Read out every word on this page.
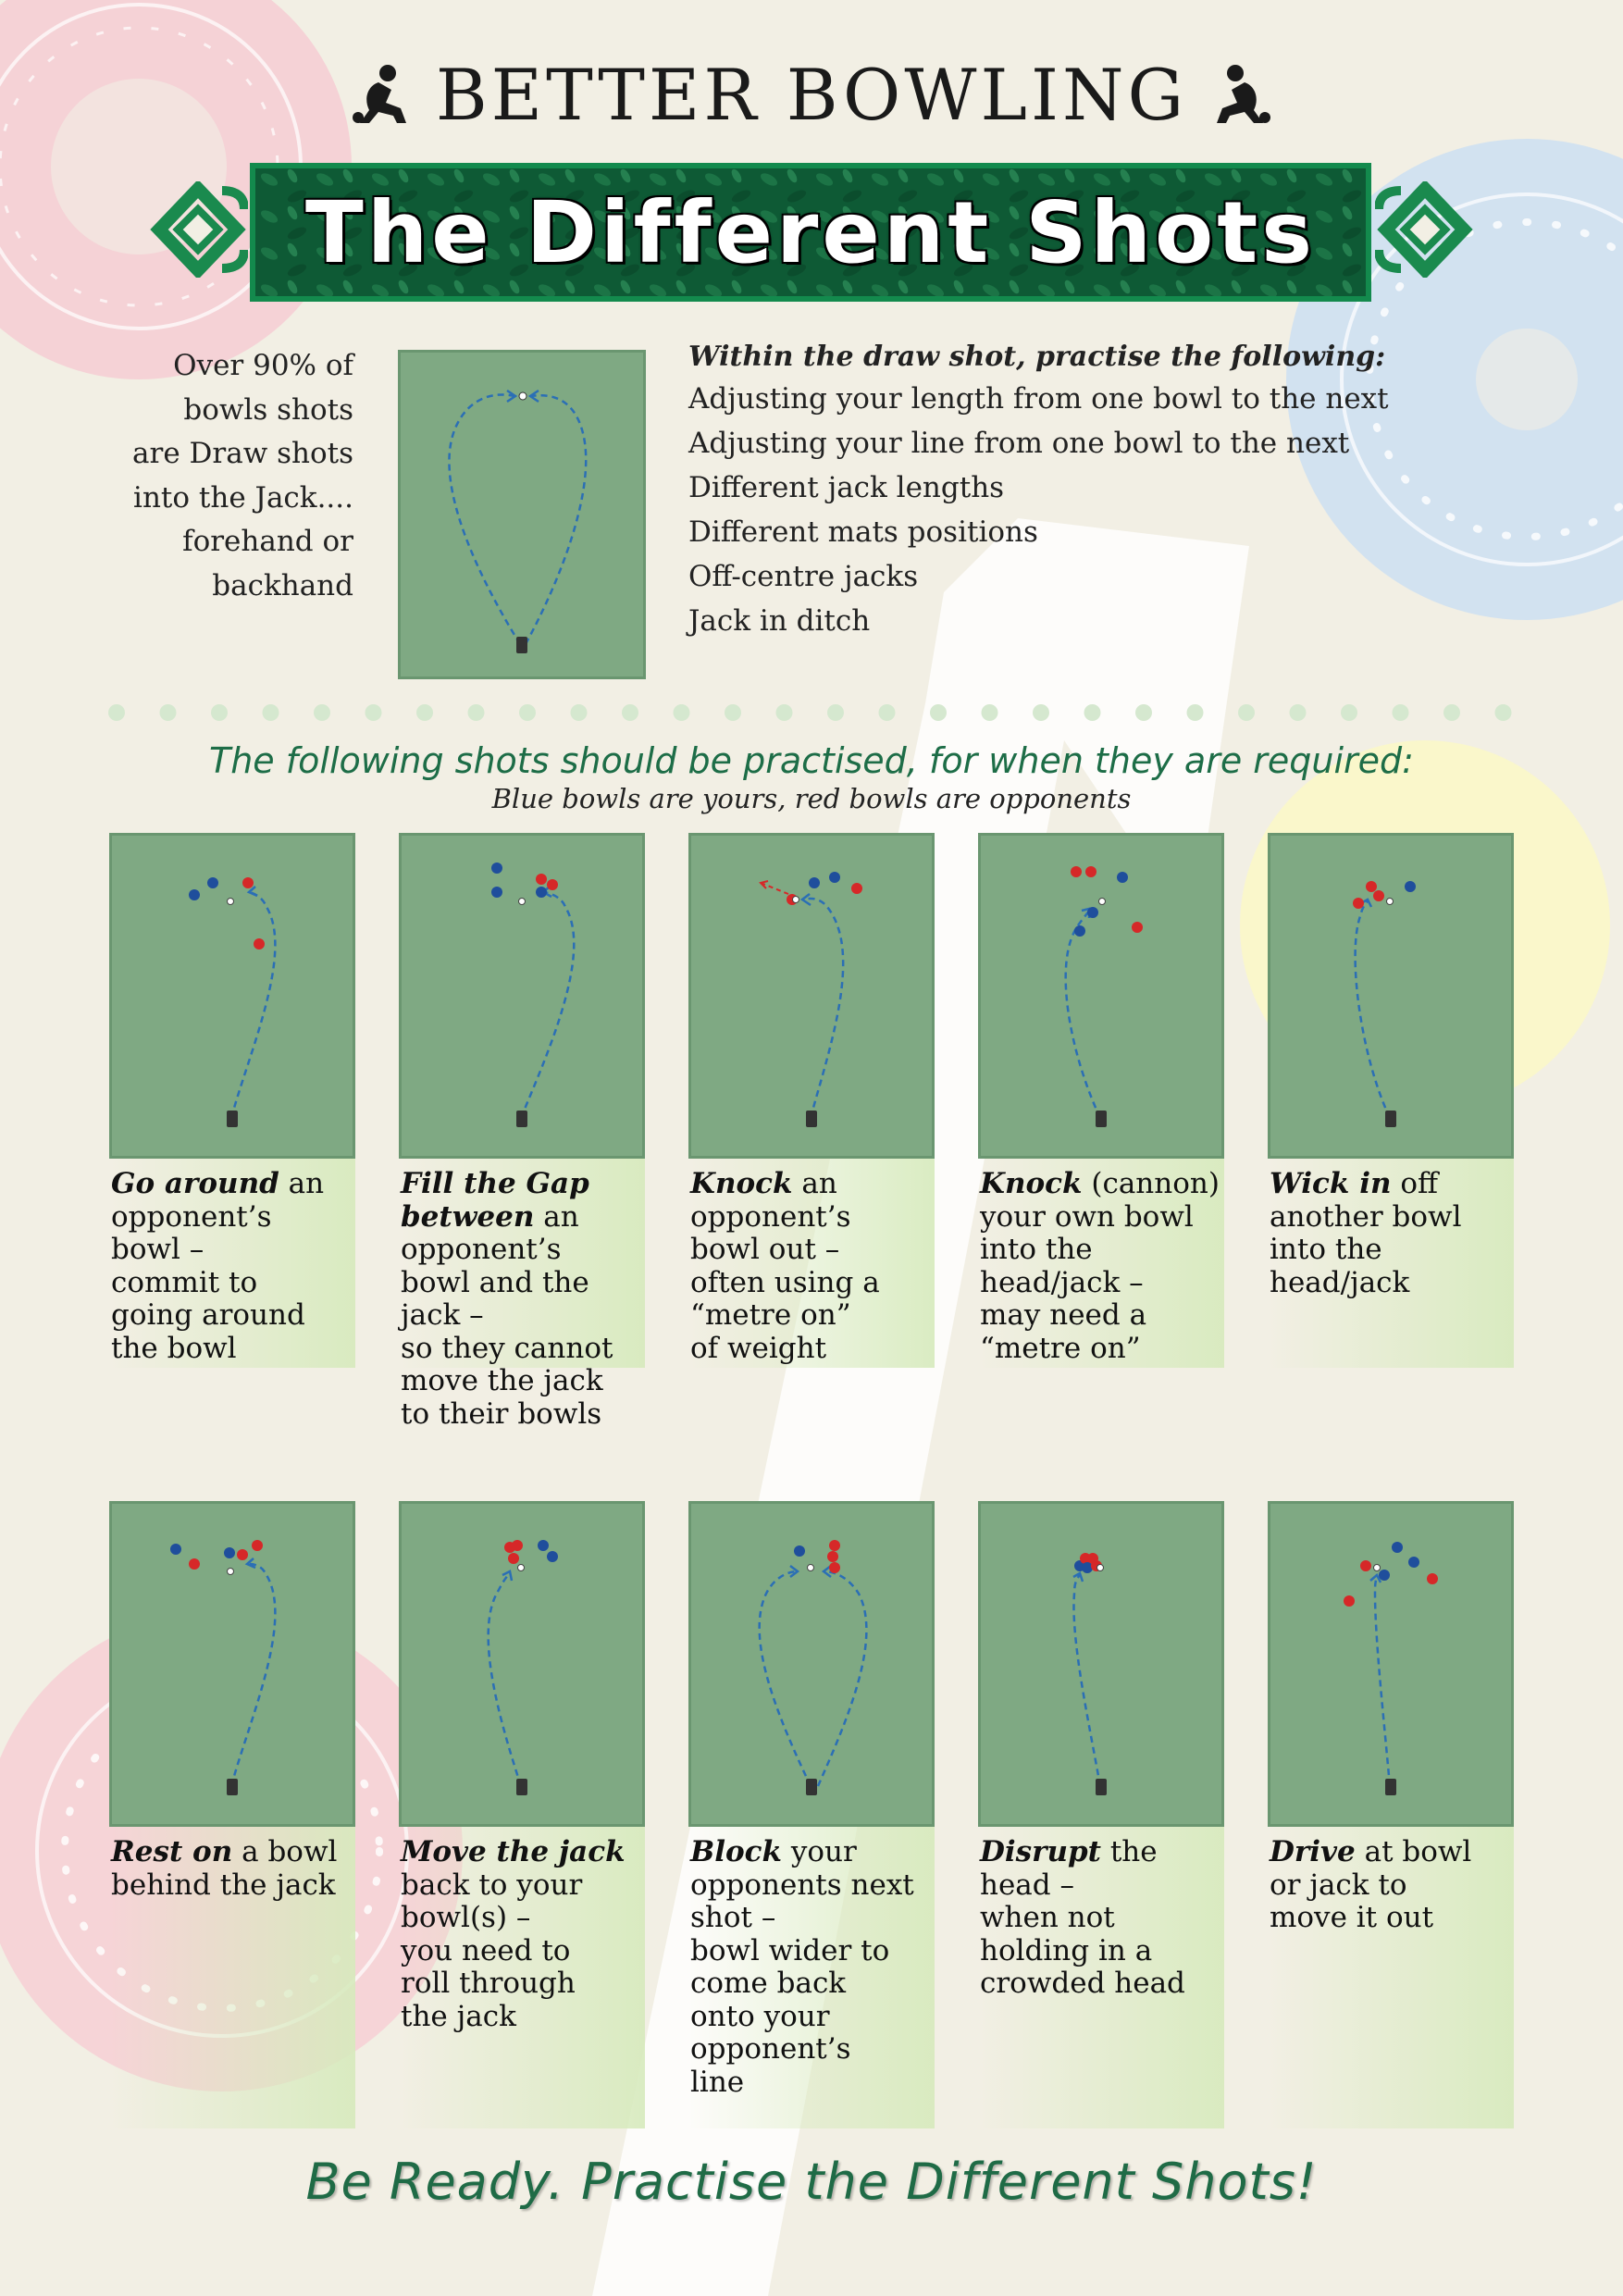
BETTER BOWLING
The Different Shots
Over 90% of
bowls shots
are Draw shots
into the Jack....
forehand or
backhand
Within the draw shot, practise the following:
Adjusting your length from one bowl to the next
Adjusting your line from one bowl to the next
Different jack lengths
Different mats positions
Off-centre jacks
Jack in ditch
The following shots should be practised, for when they are required:
Blue bowls are yours, red bowls are opponents
Go around an
opponent’s
bowl –
commit to
going around
the bowl
Fill the Gap
between an
opponent’s
bowl and the
jack –
so they cannot
move the jack
to their bowls
Knock an
opponent’s
bowl out –
often using a
“metre on”
of weight
Knock (cannon)
your own bowl
into the
head/jack –
may need a
“metre on”
Wick in off
another bowl
into the
head/jack
Rest on a bowl
behind the jack
Move the jack
back to your
bowl(s) –
you need to
roll through
the jack
Block your
opponents next
shot –
bowl wider to
come back
onto your
opponent’s
line
Disrupt the
head –
when not
holding in a
crowded head
Drive at bowl
or jack to
move it out
Be Ready. Practise the Different Shots!
